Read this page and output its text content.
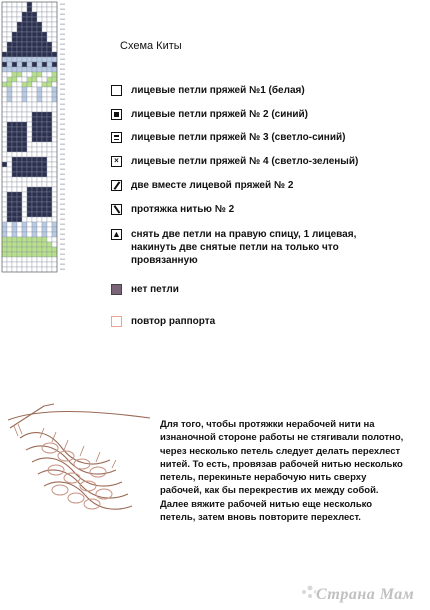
Схема Киты
лицевые петли пряжей №1 (белая)
лицевые петли пряжей № 2 (синий)
лицевые петли пряжей № 3 (светло-синий)
× лицевые петли пряжей № 4 (светло-зеленый)
две вместе лицевой пряжей № 2
протяжка нитью № 2
▲ снять две петли на правую спицу, 1 лицевая, накинуть две снятые петли на только что провязанную
нет петли
повтор раппорта
Для того, чтобы протяжки нерабочей нити на
изнаночной стороне работы не стягивали полотно,
через несколько петель следует делать перехлест
нитей. То есть, провязав рабочей нитью несколько
петель, перекиньте нерабочую нить сверху
рабочей, как бы перекрестив их между собой.
Далее вяжите рабочей нитью еще несколько
петель, затем вновь повторите перехлест.
Страна Мам
